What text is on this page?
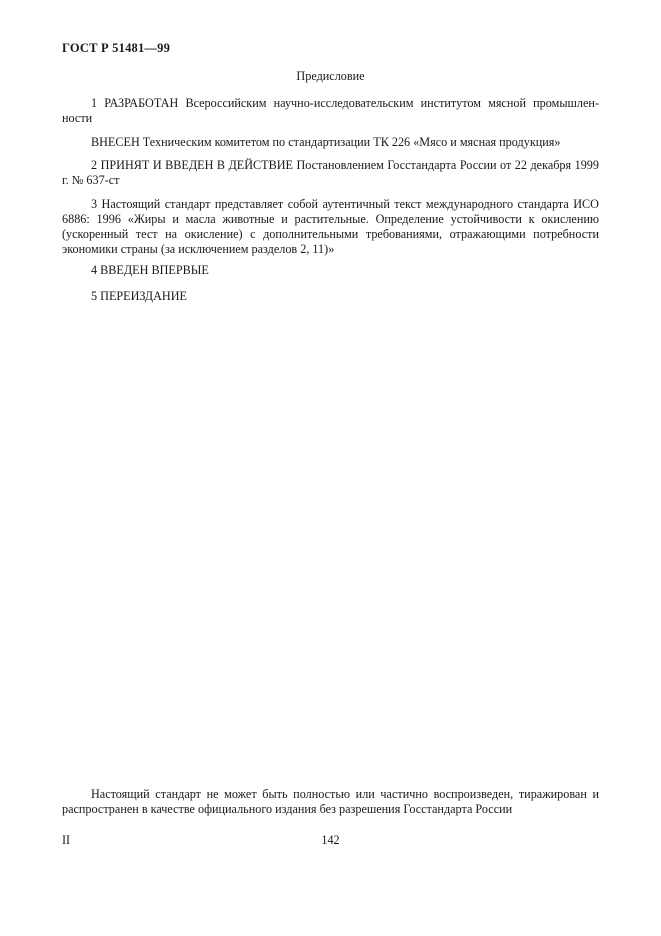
ГОСТ Р 51481—99
Предисловие

1 РАЗРАБОТАН Всероссийским научно-исследовательским институтом мясной промышленности

ВНЕСЕН Техническим комитетом по стандартизации ТК 226 «Мясо и мясная продукция»

2 ПРИНЯТ И ВВЕДЕН В ДЕЙСТВИЕ Постановлением Госстандарта России от 22 декабря 1999 г. № 637-ст

3 Настоящий стандарт представляет собой аутентичный текст международного стандарта ИСО 6886: 1996 «Жиры и масла животные и растительные. Определение устойчивости к окислению (ускоренный тест на окисление) с дополнительными требованиями, отражающими потребности экономики страны (за исключением разделов 2, 11)»

4 ВВЕДЕН ВПЕРВЫЕ

5 ПЕРЕИЗДАНИЕ

Настоящий стандарт не может быть полностью или частично воспроизведен, тиражирован и распространен в качестве официального издания без разрешения Госстандарта России

II	142
